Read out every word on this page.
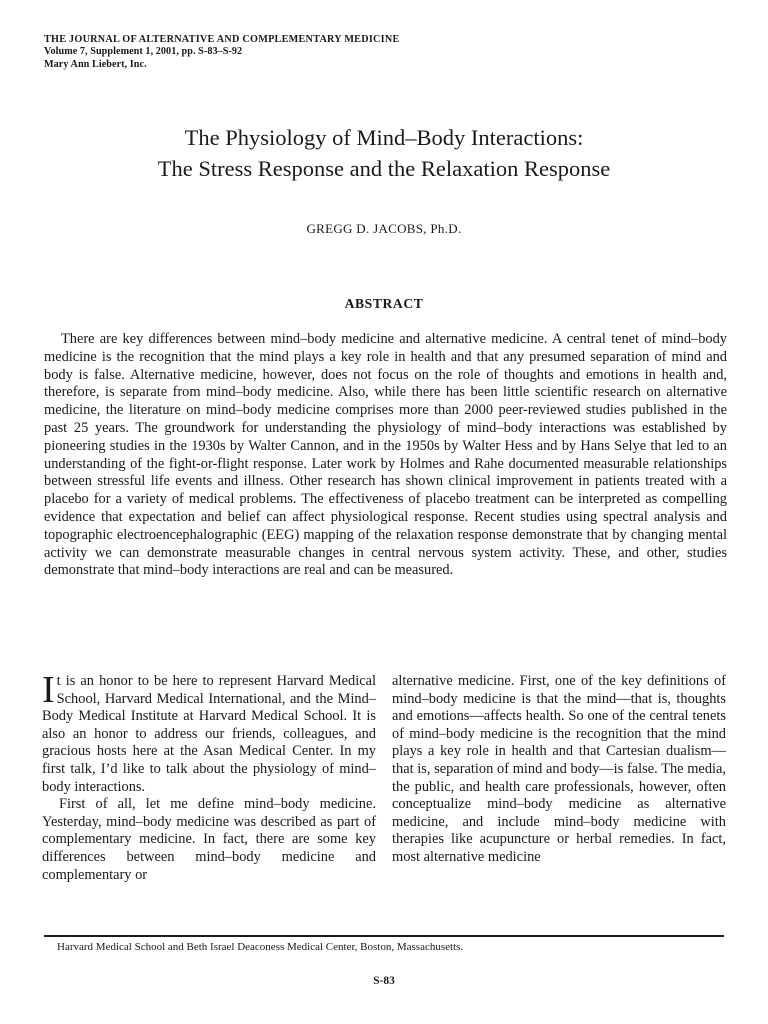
THE JOURNAL OF ALTERNATIVE AND COMPLEMENTARY MEDICINE
Volume 7, Supplement 1, 2001, pp. S-83–S-92
Mary Ann Liebert, Inc.
The Physiology of Mind–Body Interactions:
The Stress Response and the Relaxation Response
GREGG D. JACOBS, Ph.D.
ABSTRACT

There are key differences between mind–body medicine and alternative medicine. A central tenet of mind–body medicine is the recognition that the mind plays a key role in health and that any presumed separation of mind and body is false. Alternative medicine, however, does not focus on the role of thoughts and emotions in health and, therefore, is separate from mind–body medicine. Also, while there has been little scientific research on alternative medicine, the literature on mind–body medicine comprises more than 2000 peer-reviewed studies published in the past 25 years. The groundwork for understanding the physiology of mind–body interactions was established by pioneering studies in the 1930s by Walter Cannon, and in the 1950s by Walter Hess and by Hans Selye that led to an understanding of the fight-or-flight response. Later work by Holmes and Rahe documented measurable relationships between stressful life events and illness. Other research has shown clinical improvement in patients treated with a placebo for a variety of medical problems. The effectiveness of placebo treatment can be interpreted as compelling evidence that expectation and belief can affect physiological response. Recent studies using spectral analysis and topographic electroencephalographic (EEG) mapping of the relaxation response demonstrate that by changing mental activity we can demonstrate measurable changes in central nervous system activity. These, and other, studies demonstrate that mind–body interactions are real and can be measured.

It is an honor to be here to represent Harvard Medical School, Harvard Medical International, and the Mind–Body Medical Institute at Harvard Medical School. It is also an honor to address our friends, colleagues, and gracious hosts here at the Asan Medical Center. In my first talk, I’d like to talk about the physiology of mind–body interactions.

First of all, let me define mind–body medicine. Yesterday, mind–body medicine was described as part of complementary medicine. In fact, there are some key differences between mind–body medicine and complementary or

alternative medicine. First, one of the key definitions of mind–body medicine is that the mind—that is, thoughts and emotions—affects health. So one of the central tenets of mind–body medicine is the recognition that the mind plays a key role in health and that Cartesian dualism—that is, separation of mind and body—is false. The media, the public, and health care professionals, however, often conceptualize mind–body medicine as alternative medicine, and include mind–body medicine with therapies like acupuncture or herbal remedies. In fact, most alternative medicine

Harvard Medical School and Beth Israel Deaconess Medical Center, Boston, Massachusetts.
S-83
